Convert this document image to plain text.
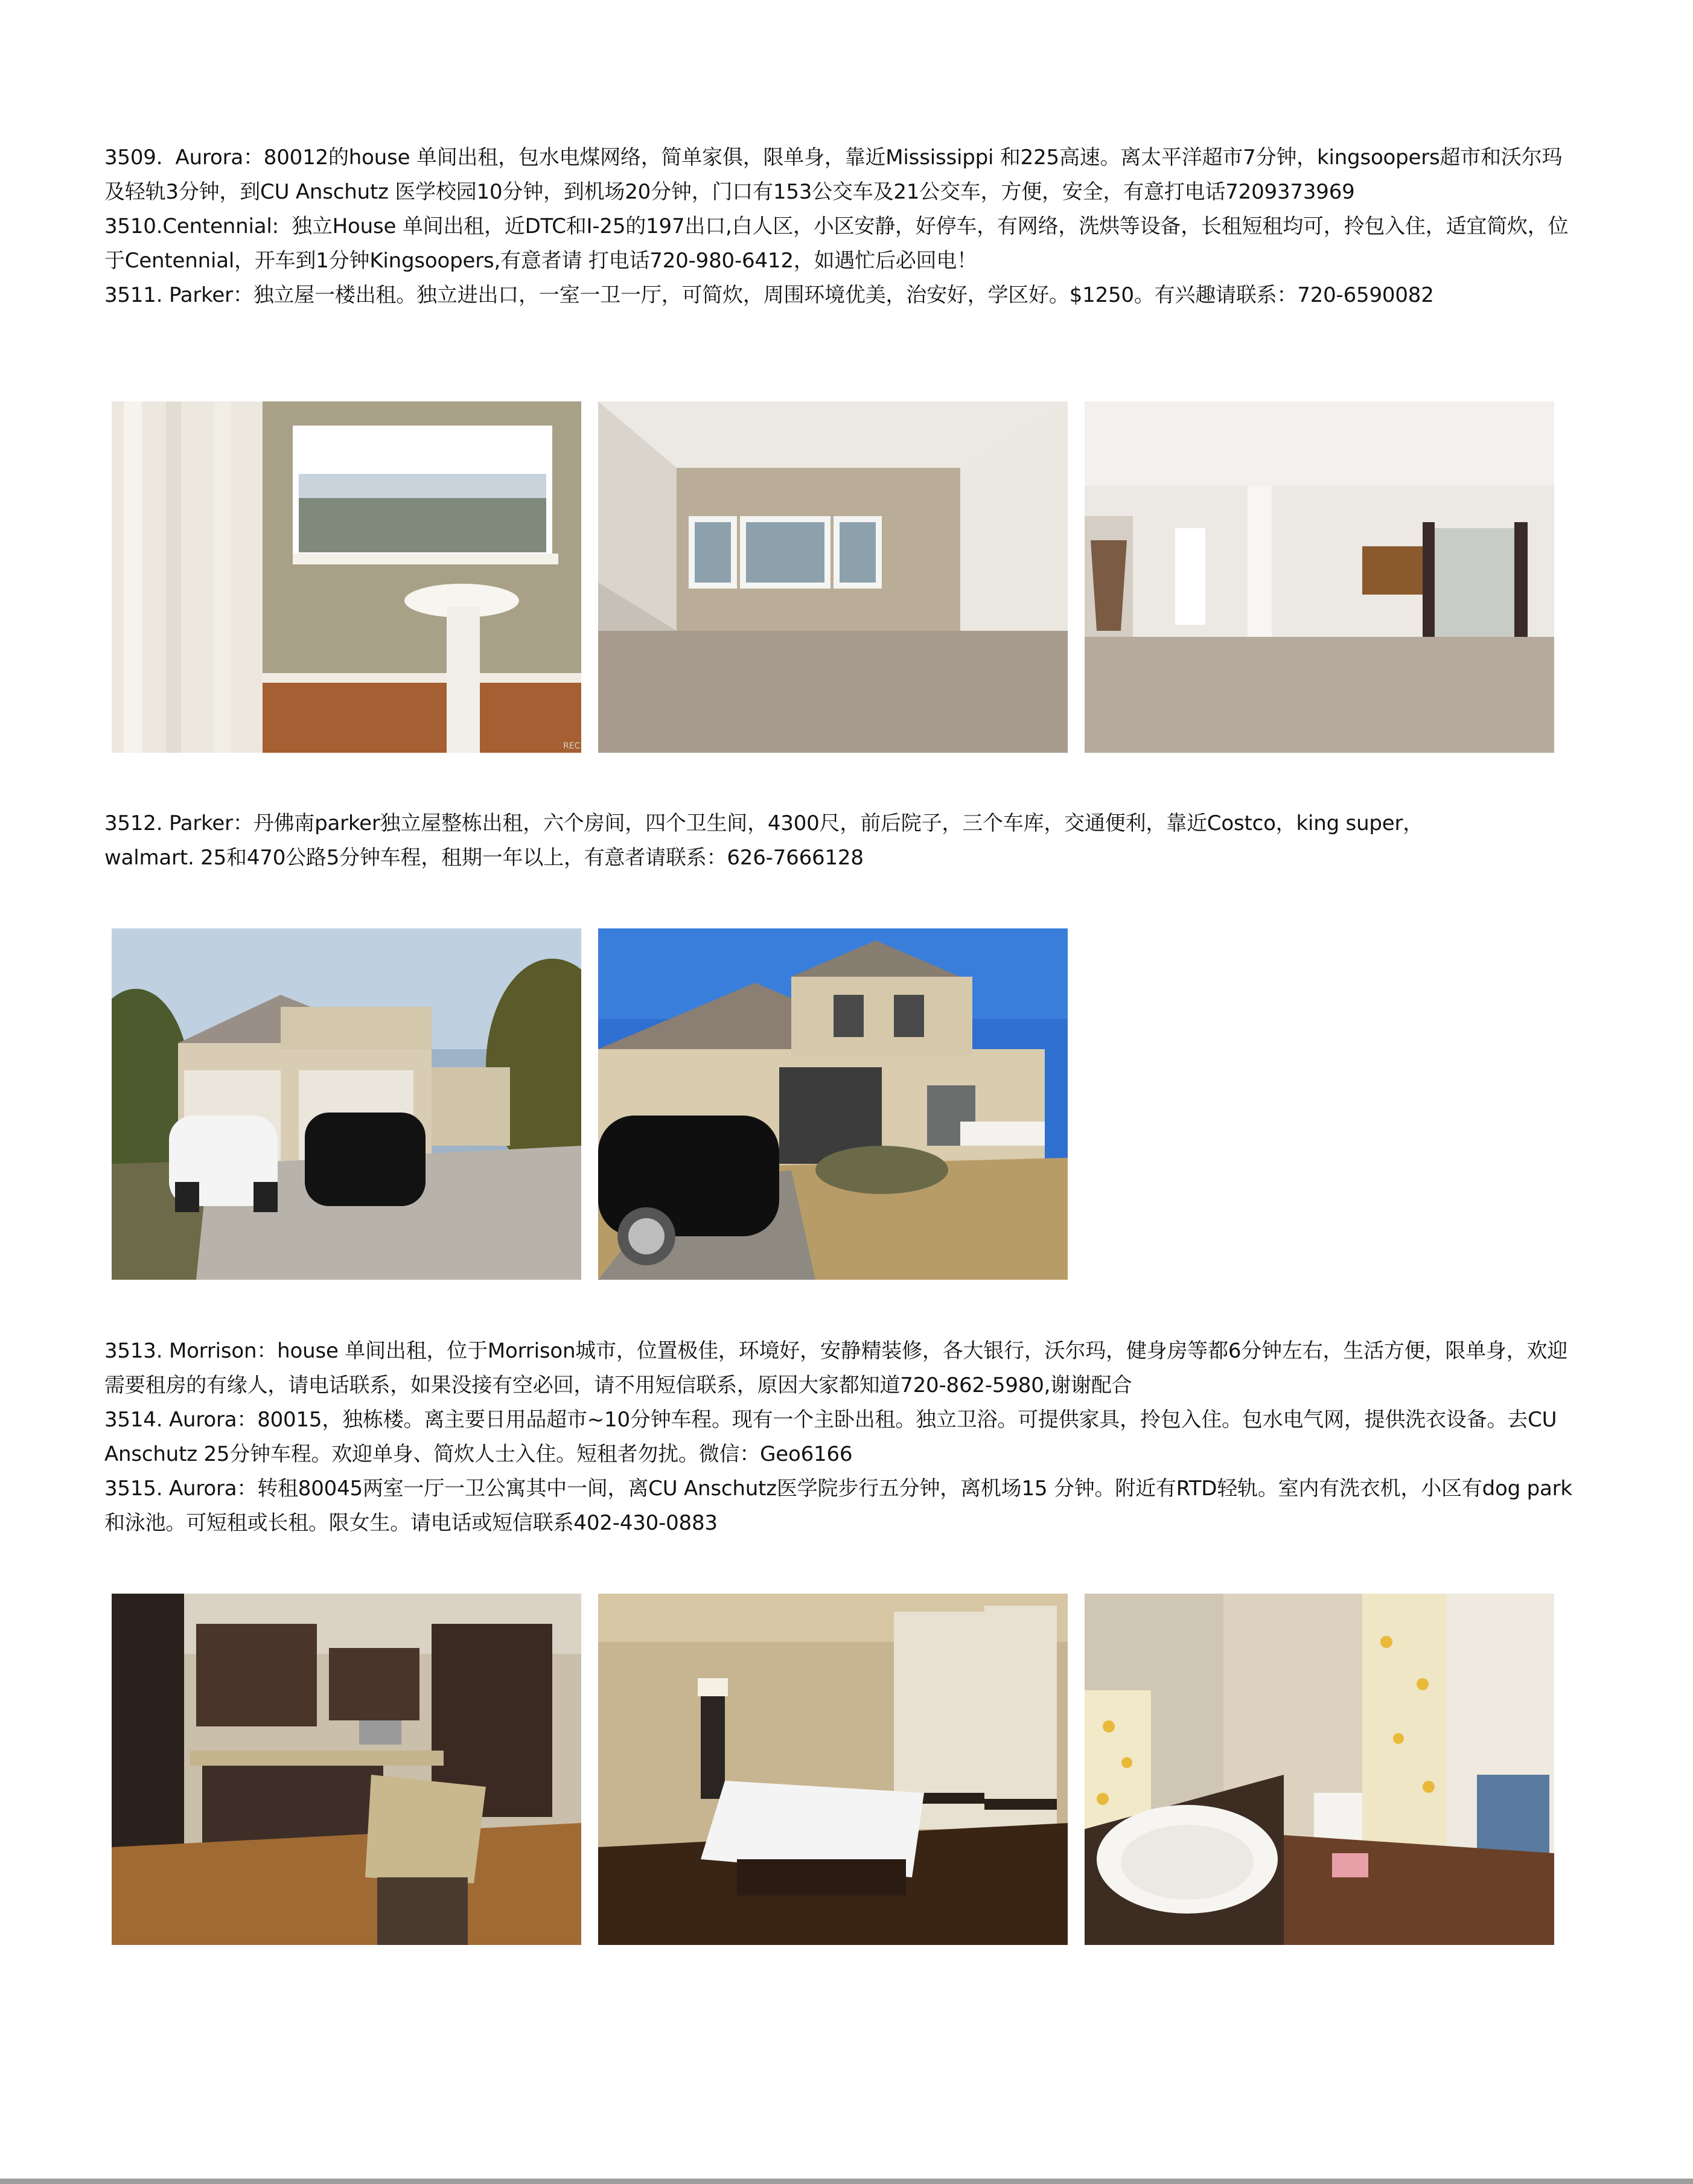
3509.  Aurora：80012的house 单间出租，包水电煤网络，简单家俱，限单身，靠近Mississippi 和225高速。离太平洋超市7分钟，kingsoopers超市和沃尔玛及轻轨3分钟，到CU Anschutz 医学校园10分钟，到机场20分钟，门口有153公交车及21公交车，方便，安全，有意打电话7209373969

3510.Centennial:  独立House 单间出租，近DTC和I-25的197出口,白人区，小区安静，好停车，有网络，洗烘等设备，长租短租均可，拎包入住，适宜简炊，位于Centennial，开车到1分钟Kingsoopers,有意者请 打电话720-980-6412，如遇忙后必回电！

3511. Parker：独立屋一楼出租。独立进出口，一室一卫一厅，可简炊，周围环境优美，治安好，学区好。$1250。有兴趣请联系：720-6590082

REC

3512. Parker：丹佛南parker独立屋整栋出租，六个房间，四个卫生间，4300尺，前后院子，三个车库，交通便利，靠近Costco，king super，walmart. 25和470公路5分钟车程，租期一年以上，有意者请联系：626-7666128

3513. Morrison：house 单间出租，位于Morrison城市，位置极佳，环境好，安静精装修，各大银行，沃尔玛，健身房等都6分钟左右，生活方便，限单身，欢迎需要租房的有缘人，请电话联系，如果没接有空必回，请不用短信联系，原因大家都知道720-862-5980,谢谢配合

3514. Aurora：80015，独栋楼。离主要日用品超市~10分钟车程。现有一个主卧出租。独立卫浴。可提供家具，拎包入住。包水电气网，提供洗衣设备。去CU Anschutz 25分钟车程。欢迎单身、简炊人士入住。短租者勿扰。微信：Geo6166

3515. Aurora：转租80045两室一厅一卫公寓其中一间，离CU Anschutz医学院步行五分钟，离机场15 分钟。附近有RTD轻轨。室内有洗衣机，小区有dog park和泳池。可短租或长租。限女生。请电话或短信联系402-430-0883
